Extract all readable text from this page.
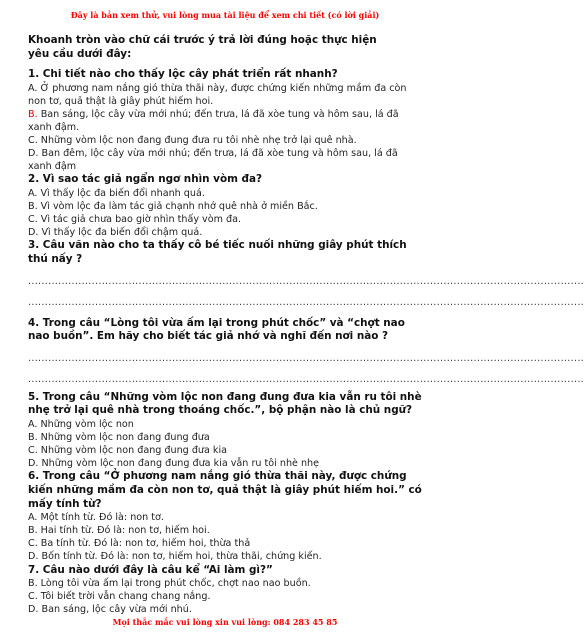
Đây là bản xem thử, vui lòng mua tài liệu để xem chi tiết (có lời giải)

Khoanh tròn vào chữ cái trước ý trả lời đúng hoặc thực hiện

yêu cầu dưới đây:

1. Chi tiết nào cho thấy lộc cây phát triển rất nhanh?

A. Ở phương nam nắng gió thừa thãi này, được chứng kiến những mầm đa còn non tơ, quả thật là giây phút hiếm hoi.

B. Ban sáng, lộc cây vừa mới nhú; đến trưa, lá đã xòe tung và hôm sau, lá đã xanh đậm.

C. Những vòm lộc non đang đung đưa ru tôi nhè nhẹ trở lại quê nhà.

D. Ban đêm, lộc cây vừa mới nhú; đến trưa, lá đã xòe tung và hôm sau, lá đã xanh đậm

2. Vì sao tác giả ngẩn ngơ nhìn vòm đa?

A. Vì thấy lộc đa biến đổi nhanh quá.

B. Vì vòm lộc đa làm tác giả chạnh nhớ quê nhà ở miền Bắc.

C. Vì tác giả chưa bao giờ nhìn thấy vòm đa.

D. Vì thấy lộc đa biến đổi chậm quá.

3. Câu văn nào cho ta thấy cô bé tiếc nuối những giây phút thích thú nấy ?

......................................................................................................................................................................

......................................................................................................................................................................

4. Trong câu “Lòng tôi vừa ấm lại trong phút chốc” và “chợt nao nao buồn”. Em hãy cho biết tác giả nhớ và nghĩ đến nơi nào ?

......................................................................................................................................................................

......................................................................................................................................................................

5. Trong câu “Những vòm lộc non đang đung đưa kia vẫn ru tôi nhè nhẹ trở lại quê nhà trong thoáng chốc.”, bộ phận nào là chủ ngữ?

A. Những vòm lộc non

B. Những vòm lộc non đang đung đưa

C. Những vòm lộc non đang đung đưa kia

D. Những vòm lộc non đang đung đưa kia vẫn ru tôi nhè nhẹ

6. Trong câu “Ở phương nam nắng gió thừa thãi này, được chứng kiến những mầm đa còn non tơ, quả thật là giây phút hiếm hoi.” có mấy tính từ?

A. Một tính từ. Đó là: non tơ.

B. Hai tính từ. Đó là: non tơ, hiếm hoi.

C. Ba tính từ. Đó là: non tơ, hiếm hoi, thừa thả

D. Bốn tính từ. Đó là: non tơ, hiếm hoi, thừa thãi, chứng kiến.

7. Câu nào dưới đây là câu kể “Ai làm gì?”

B. Lòng tôi vừa ấm lại trong phút chốc, chợt nao nao buồn.

C. Tôi biết trời vẫn chang chang nắng.

D. Ban sáng, lộc cây vừa mới nhú.

Mọi thắc mắc vui lòng xin vui lòng: 084 283 45 85
